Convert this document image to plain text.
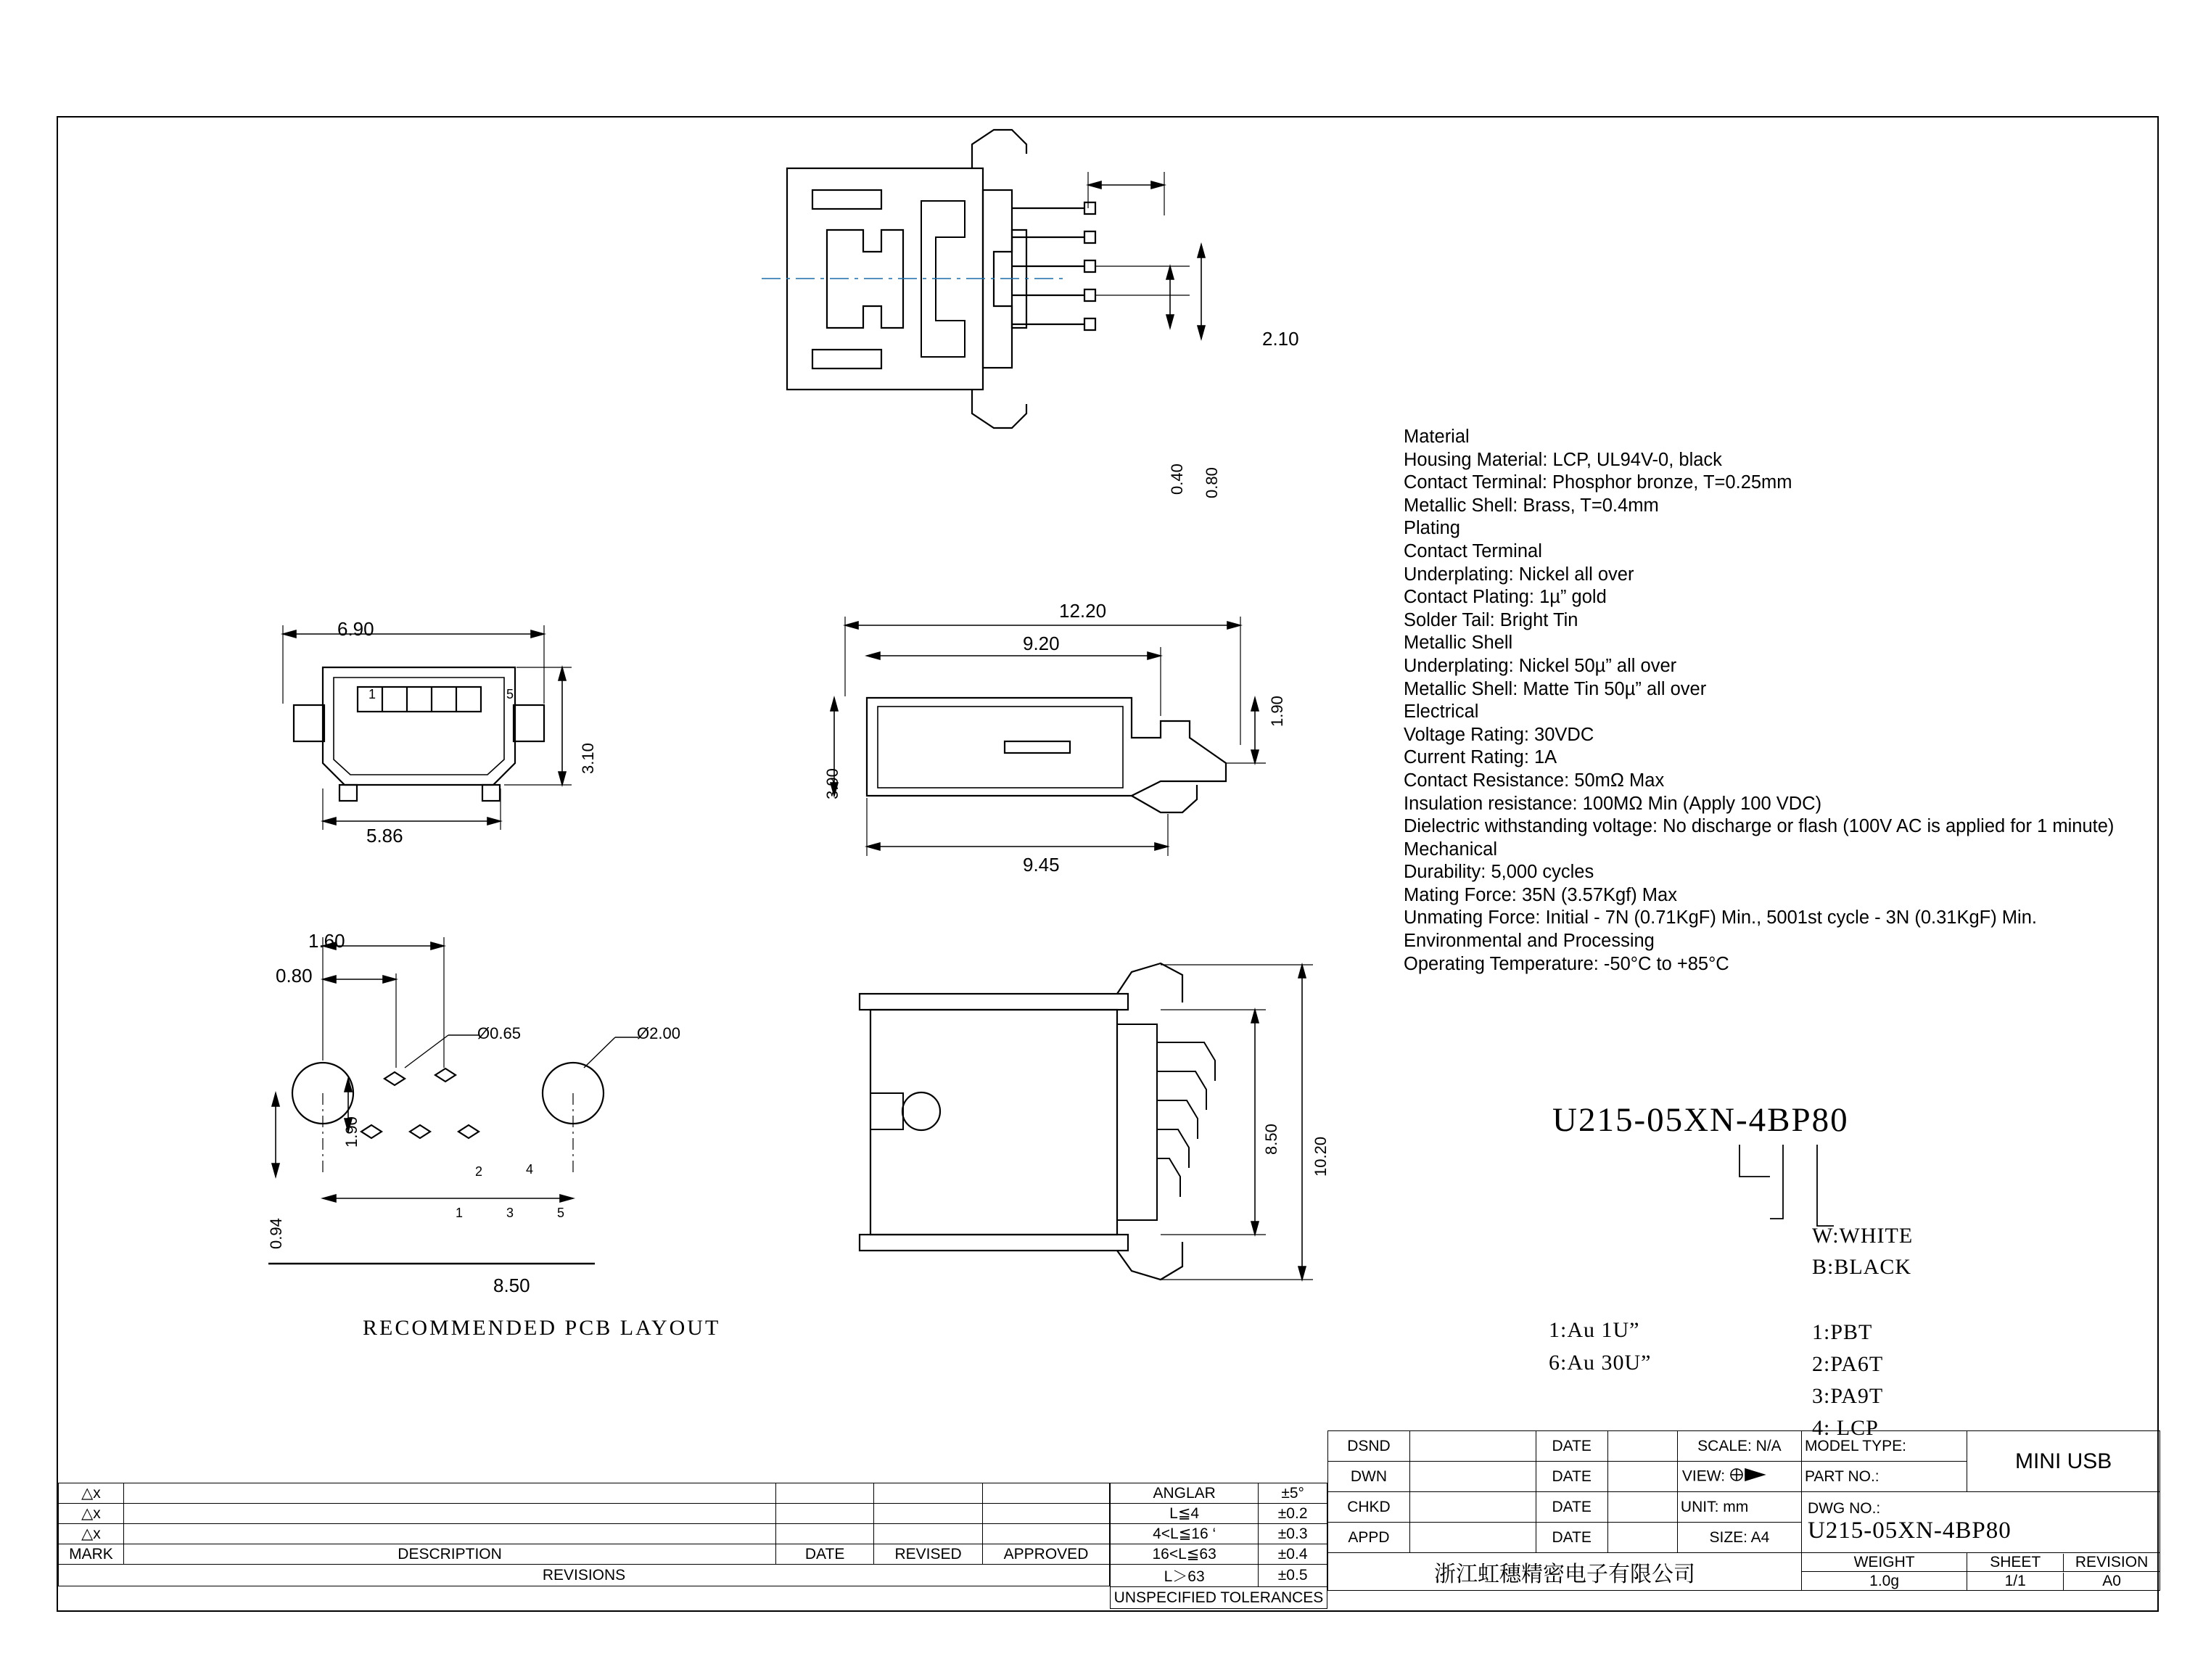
2.10
0.40 0.80
6.90
5.86
3.10
1	5
12.20
9.20
9.45
3.90
1.90
1.60
0.80
1.90
0.94
8.50
Ø0.65	Ø2.00
1
2
3
4
5
RECOMMENDED PCB LAYOUT
8.50 10.20
Material
Housing Material: LCP, UL94V-0, black
Contact Terminal: Phosphor bronze, T=0.25mm
Metallic Shell: Brass, T=0.4mm
Plating
Contact Terminal
Underplating: Nickel all over
Contact Plating: 1µ” gold
Solder Tail: Bright Tin
Metallic Shell
Underplating: Nickel 50µ” all over
Metallic Shell: Matte Tin 50µ” all over
Electrical
Voltage Rating: 30VDC
Current Rating: 1A
Contact Resistance: 50mΩ Max
Insulation resistance: 100MΩ Min (Apply 100 VDC)
Dielectric withstanding voltage: No discharge or flash (100V AC is applied for 1 minute)
Mechanical
Durability: 5,000 cycles
Mating Force: 35N (3.57Kgf) Max
Unmating Force: Initial - 7N (0.71KgF) Min., 5001st cycle - 3N (0.31KgF) Min.
Environmental and Processing
Operating Temperature: -50°C to +85°C
U215-05XN-4BP80
W:WHITE
B:BLACK
1:PBT
2:PA6T
3:PA9T
4: LCP
1:Au 1U”
6:Au 30U”
△x				
△x				
△x				
MARK	DESCRIPTION	DATE	REVISED	APPROVED
REVISIONS				
ANGLAR	±5°
L≦4	±0.2
4<L≦16 ‘	±0.3
16<L≦63	±0.4
L＞63	±0.5
UNSPECIFIED TOLERANCES	
DSND		DATE		SCALE: N/A	MODEL TYPE:	MINI USB
DWN		DATE		VIEW:	PART NO.:
CHKD		DATE		UNIT: mm	DWG NO.:
U215-05XN-4BP80

APPD		DATE		SIZE: A4
浙江虹穗精密电子有限公司	WEIGHT		SHEET	REVISION

1.0g		1/1	A0
